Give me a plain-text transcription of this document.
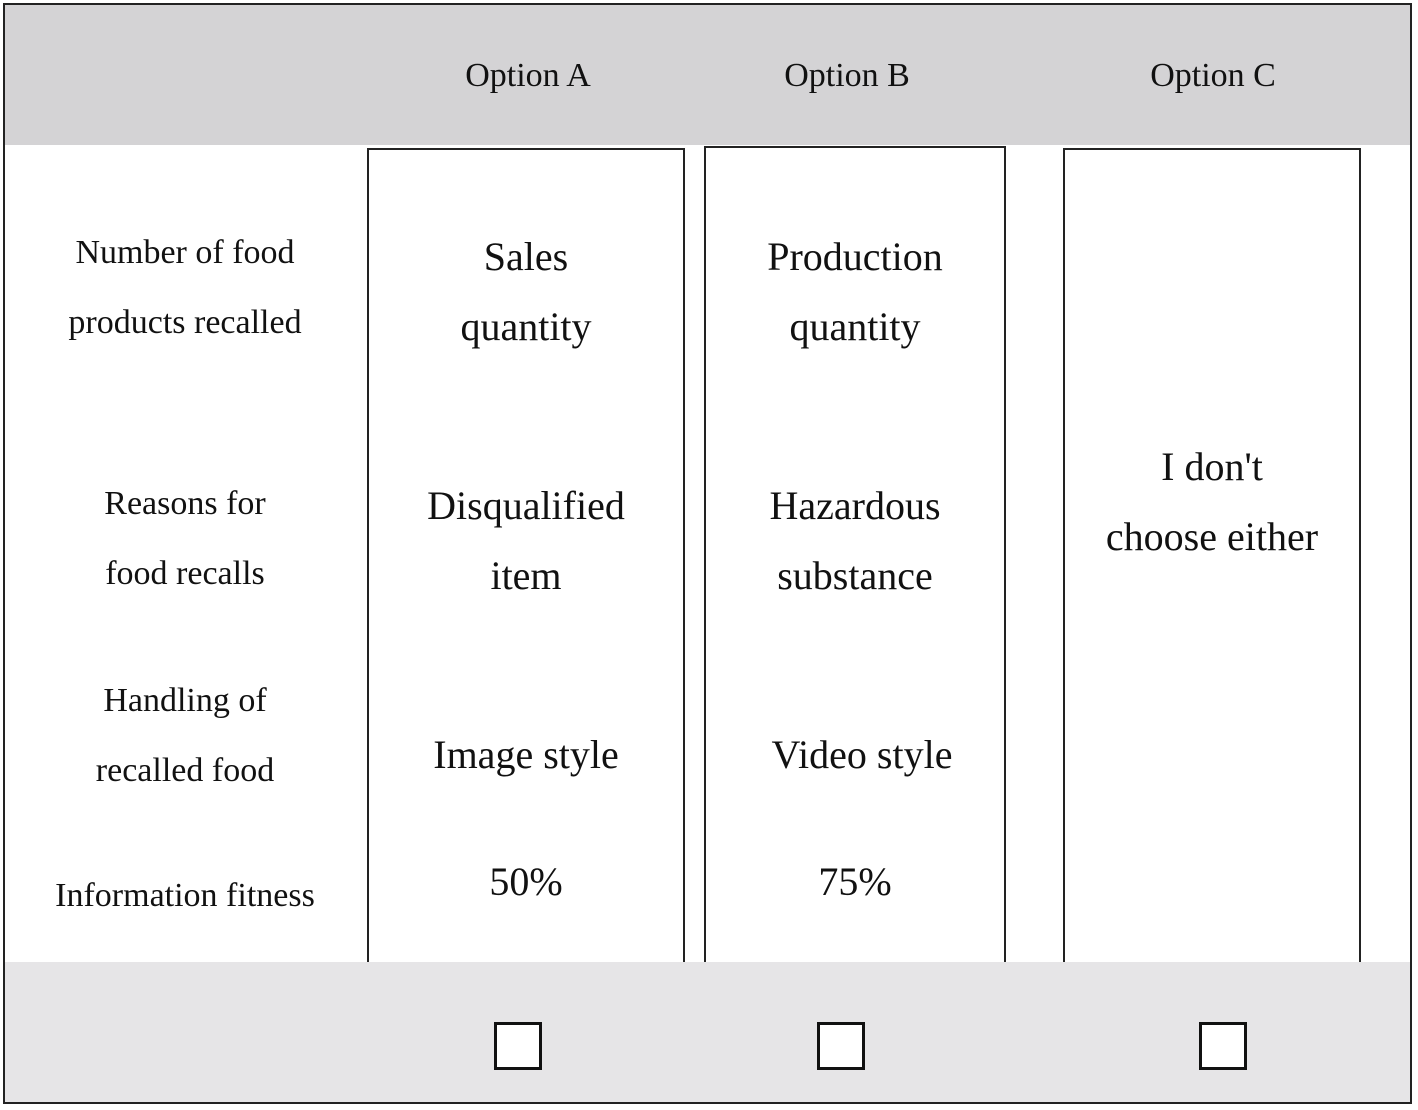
Option A	Option B	Option C
Number of food
products recalled
Reasons for
food recalls
Handling of
recalled food
Information fitness
Sales
quantity
Disqualified
item
Image style
50%
Production
quantity
Hazardous
substance
Video style
75%
I don't
choose either
